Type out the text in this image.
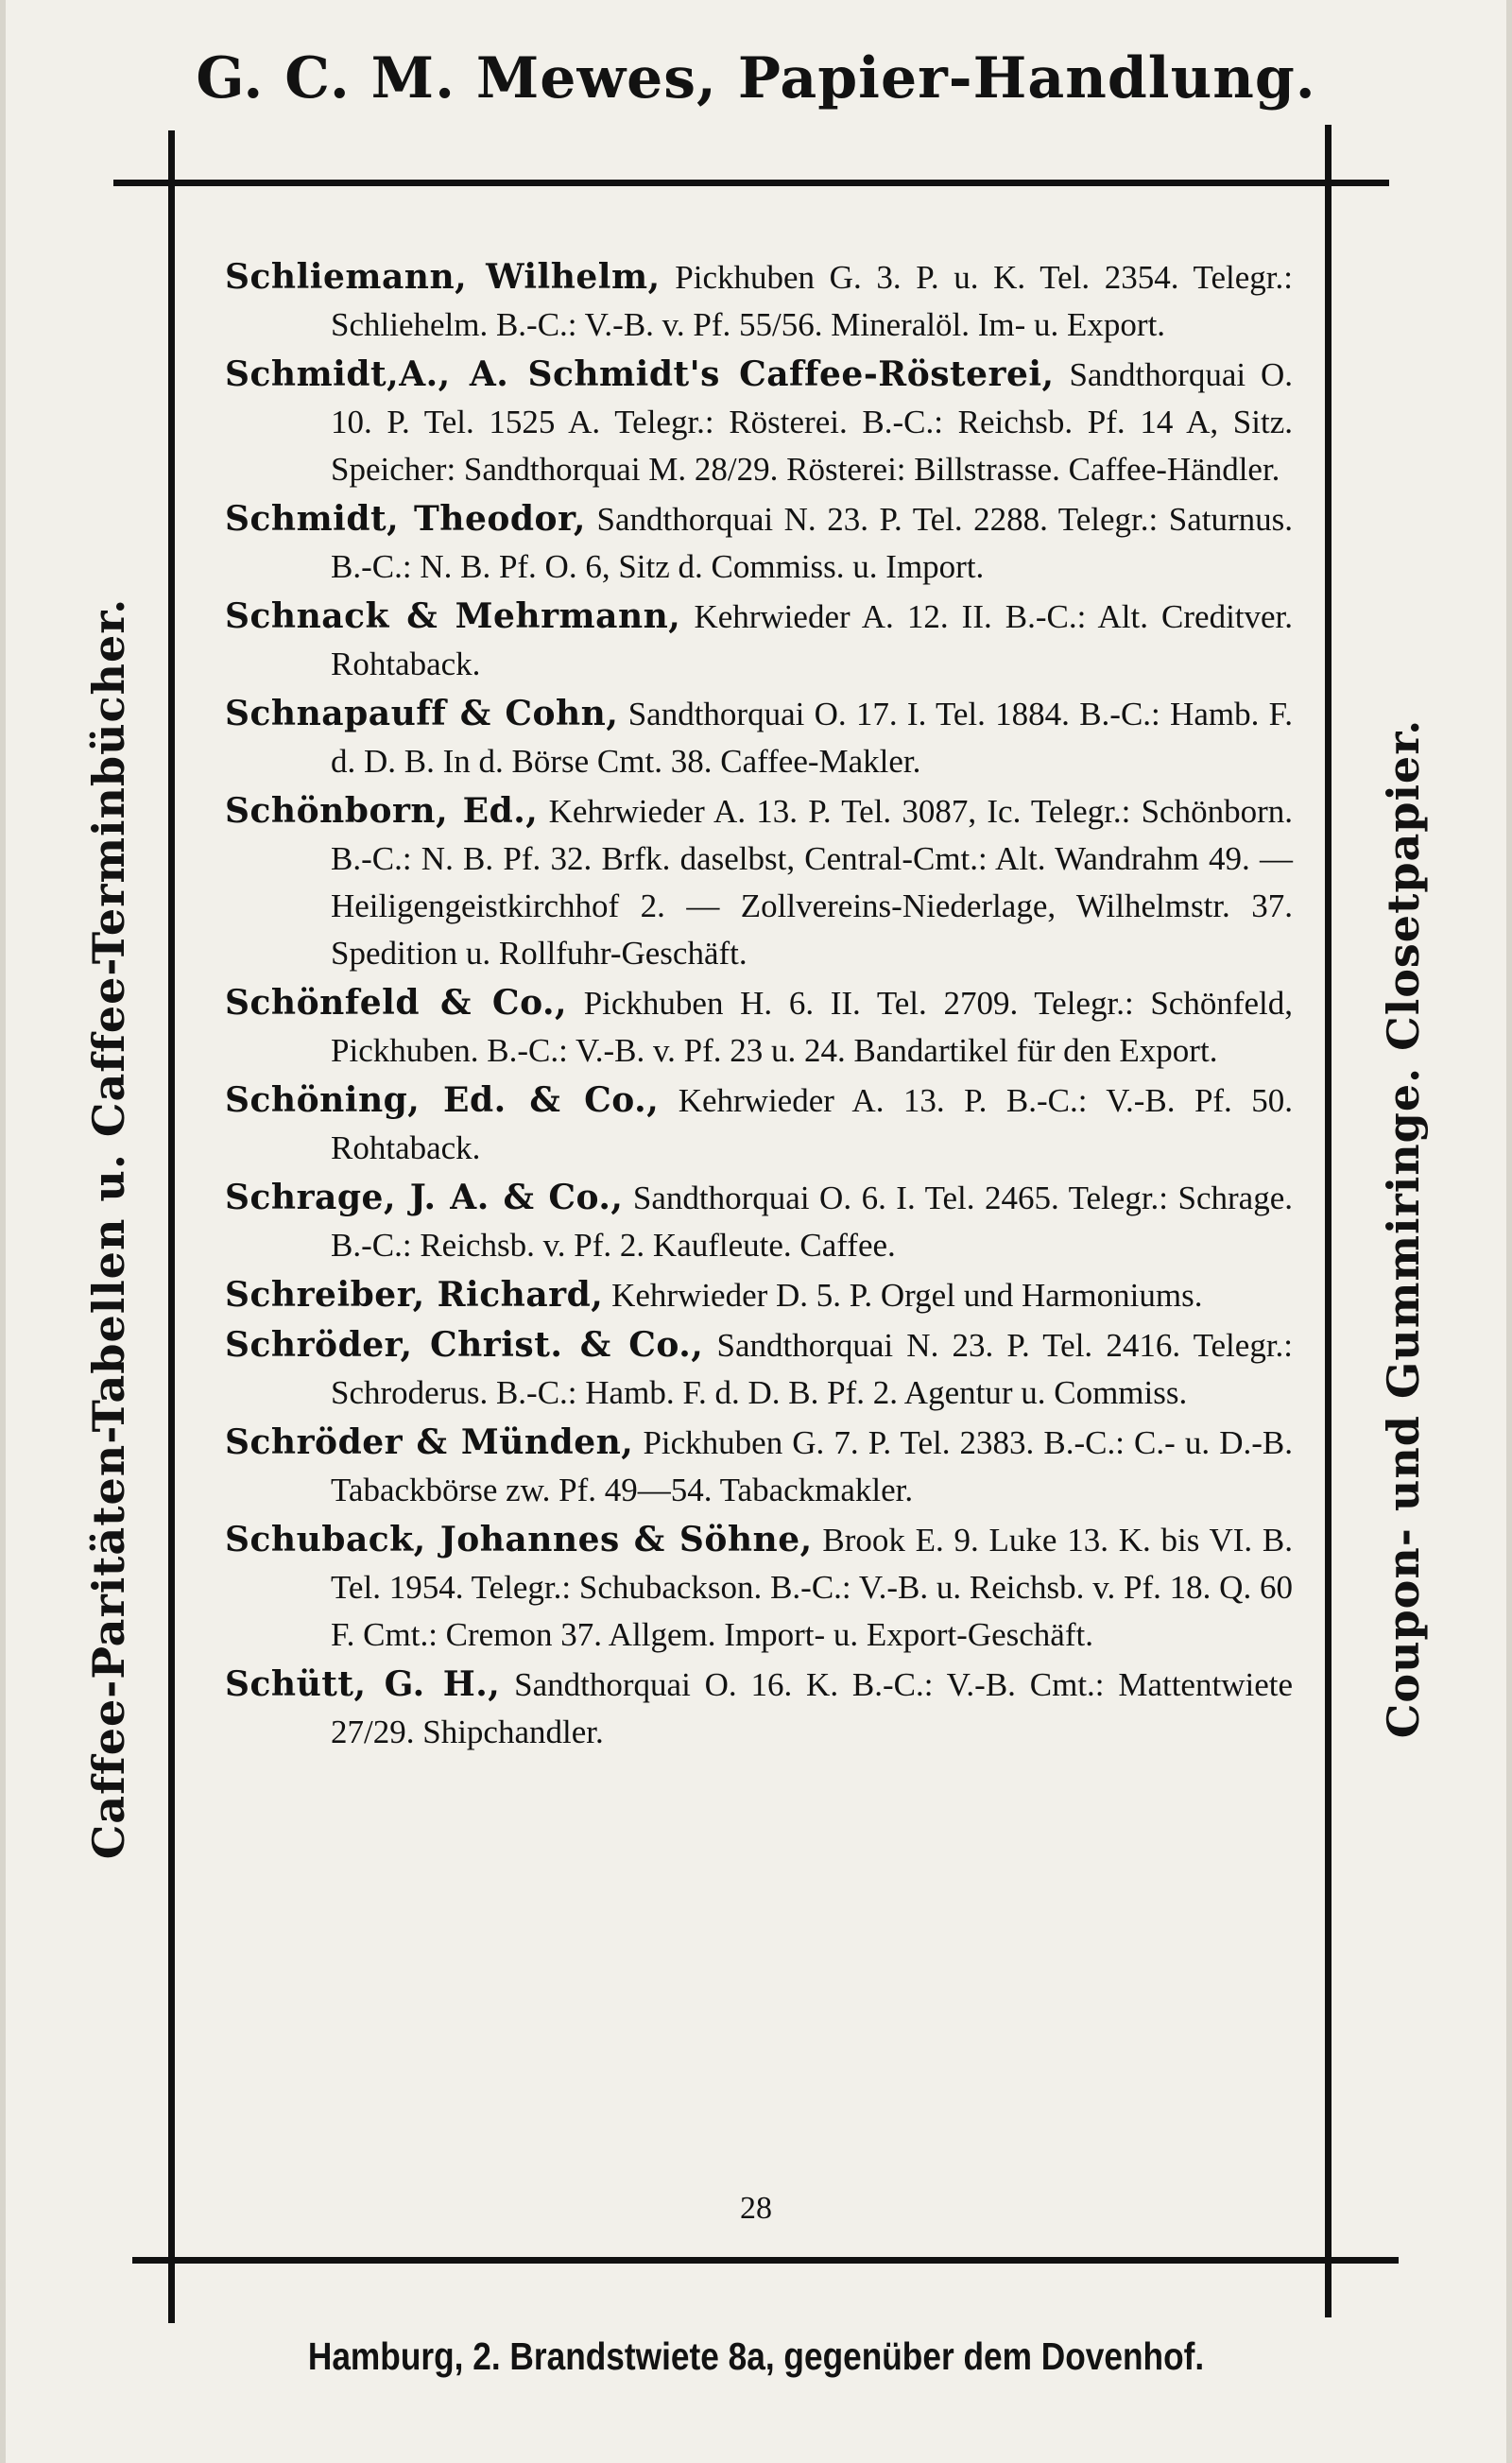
G. C. M. Mewes, Papier-Handlung.
Caffee-Paritäten-Tabellen u. Caffee-Terminbücher.	Coupon- und Gummiringe. Closetpapier.

Schliemann, Wilhelm, Pickhuben G. 3. P. u. K. Tel. 2354. Telegr.: Schliehelm. B.-C.: V.-B. v. Pf. 55/56. Mineralöl. Im- u. Export.

Schmidt,A., A. Schmidt's Caffee-Rösterei, Sandthorquai O. 10. P. Tel. 1525 A. Telegr.: Rösterei. B.-C.: Reichsb. Pf. 14 A, Sitz. Speicher: Sandthorquai M. 28/29. Rösterei: Billstrasse. Caffee-Händler.

Schmidt, Theodor, Sandthorquai N. 23. P. Tel. 2288. Telegr.: Saturnus. B.-C.: N. B. Pf. O. 6, Sitz d. Commiss. u. Import.

Schnack & Mehrmann, Kehrwieder A. 12. II. B.-C.: Alt. Creditver. Rohtaback.

Schnapauff & Cohn, Sandthorquai O. 17. I. Tel. 1884. B.-C.: Hamb. F. d. D. B. In d. Börse Cmt. 38. Caffee-Makler.

Schönborn, Ed., Kehrwieder A. 13. P. Tel. 3087, Ic. Telegr.: Schönborn. B.-C.: N. B. Pf. 32. Brfk. daselbst, Central-Cmt.: Alt. Wandrahm 49. — Heiligengeistkirchhof 2. — Zollvereins-Niederlage, Wilhelmstr. 37. Spedition u. Rollfuhr-Geschäft.

Schönfeld & Co., Pickhuben H. 6. II. Tel. 2709. Telegr.: Schönfeld, Pickhuben. B.-C.: V.-B. v. Pf. 23 u. 24. Bandartikel für den Export.

Schöning, Ed. & Co., Kehrwieder A. 13. P. B.-C.: V.-B. Pf. 50. Rohtaback.

Schrage, J. A. & Co., Sandthorquai O. 6. I. Tel. 2465. Telegr.: Schrage. B.-C.: Reichsb. v. Pf. 2. Kaufleute. Caffee.

Schreiber, Richard, Kehrwieder D. 5. P. Orgel und Harmoniums.

Schröder, Christ. & Co., Sandthorquai N. 23. P. Tel. 2416. Telegr.: Schroderus. B.-C.: Hamb. F. d. D. B. Pf. 2. Agentur u. Commiss.

Schröder & Münden, Pickhuben G. 7. P. Tel. 2383. B.-C.: C.- u. D.-B. Tabackbörse zw. Pf. 49—54. Tabackmakler.

Schuback, Johannes & Söhne, Brook E. 9. Luke 13. K. bis VI. B. Tel. 1954. Telegr.: Schubackson. B.-C.: V.-B. u. Reichsb. v. Pf. 18. Q. 60 F. Cmt.: Cremon 37. Allgem. Import- u. Export-Geschäft.

Schütt, G. H., Sandthorquai O. 16. K. B.-C.: V.-B. Cmt.: Mattentwiete 27/29. Shipchandler.

28
Hamburg, 2. Brandstwiete 8a, gegenüber dem Dovenhof.
